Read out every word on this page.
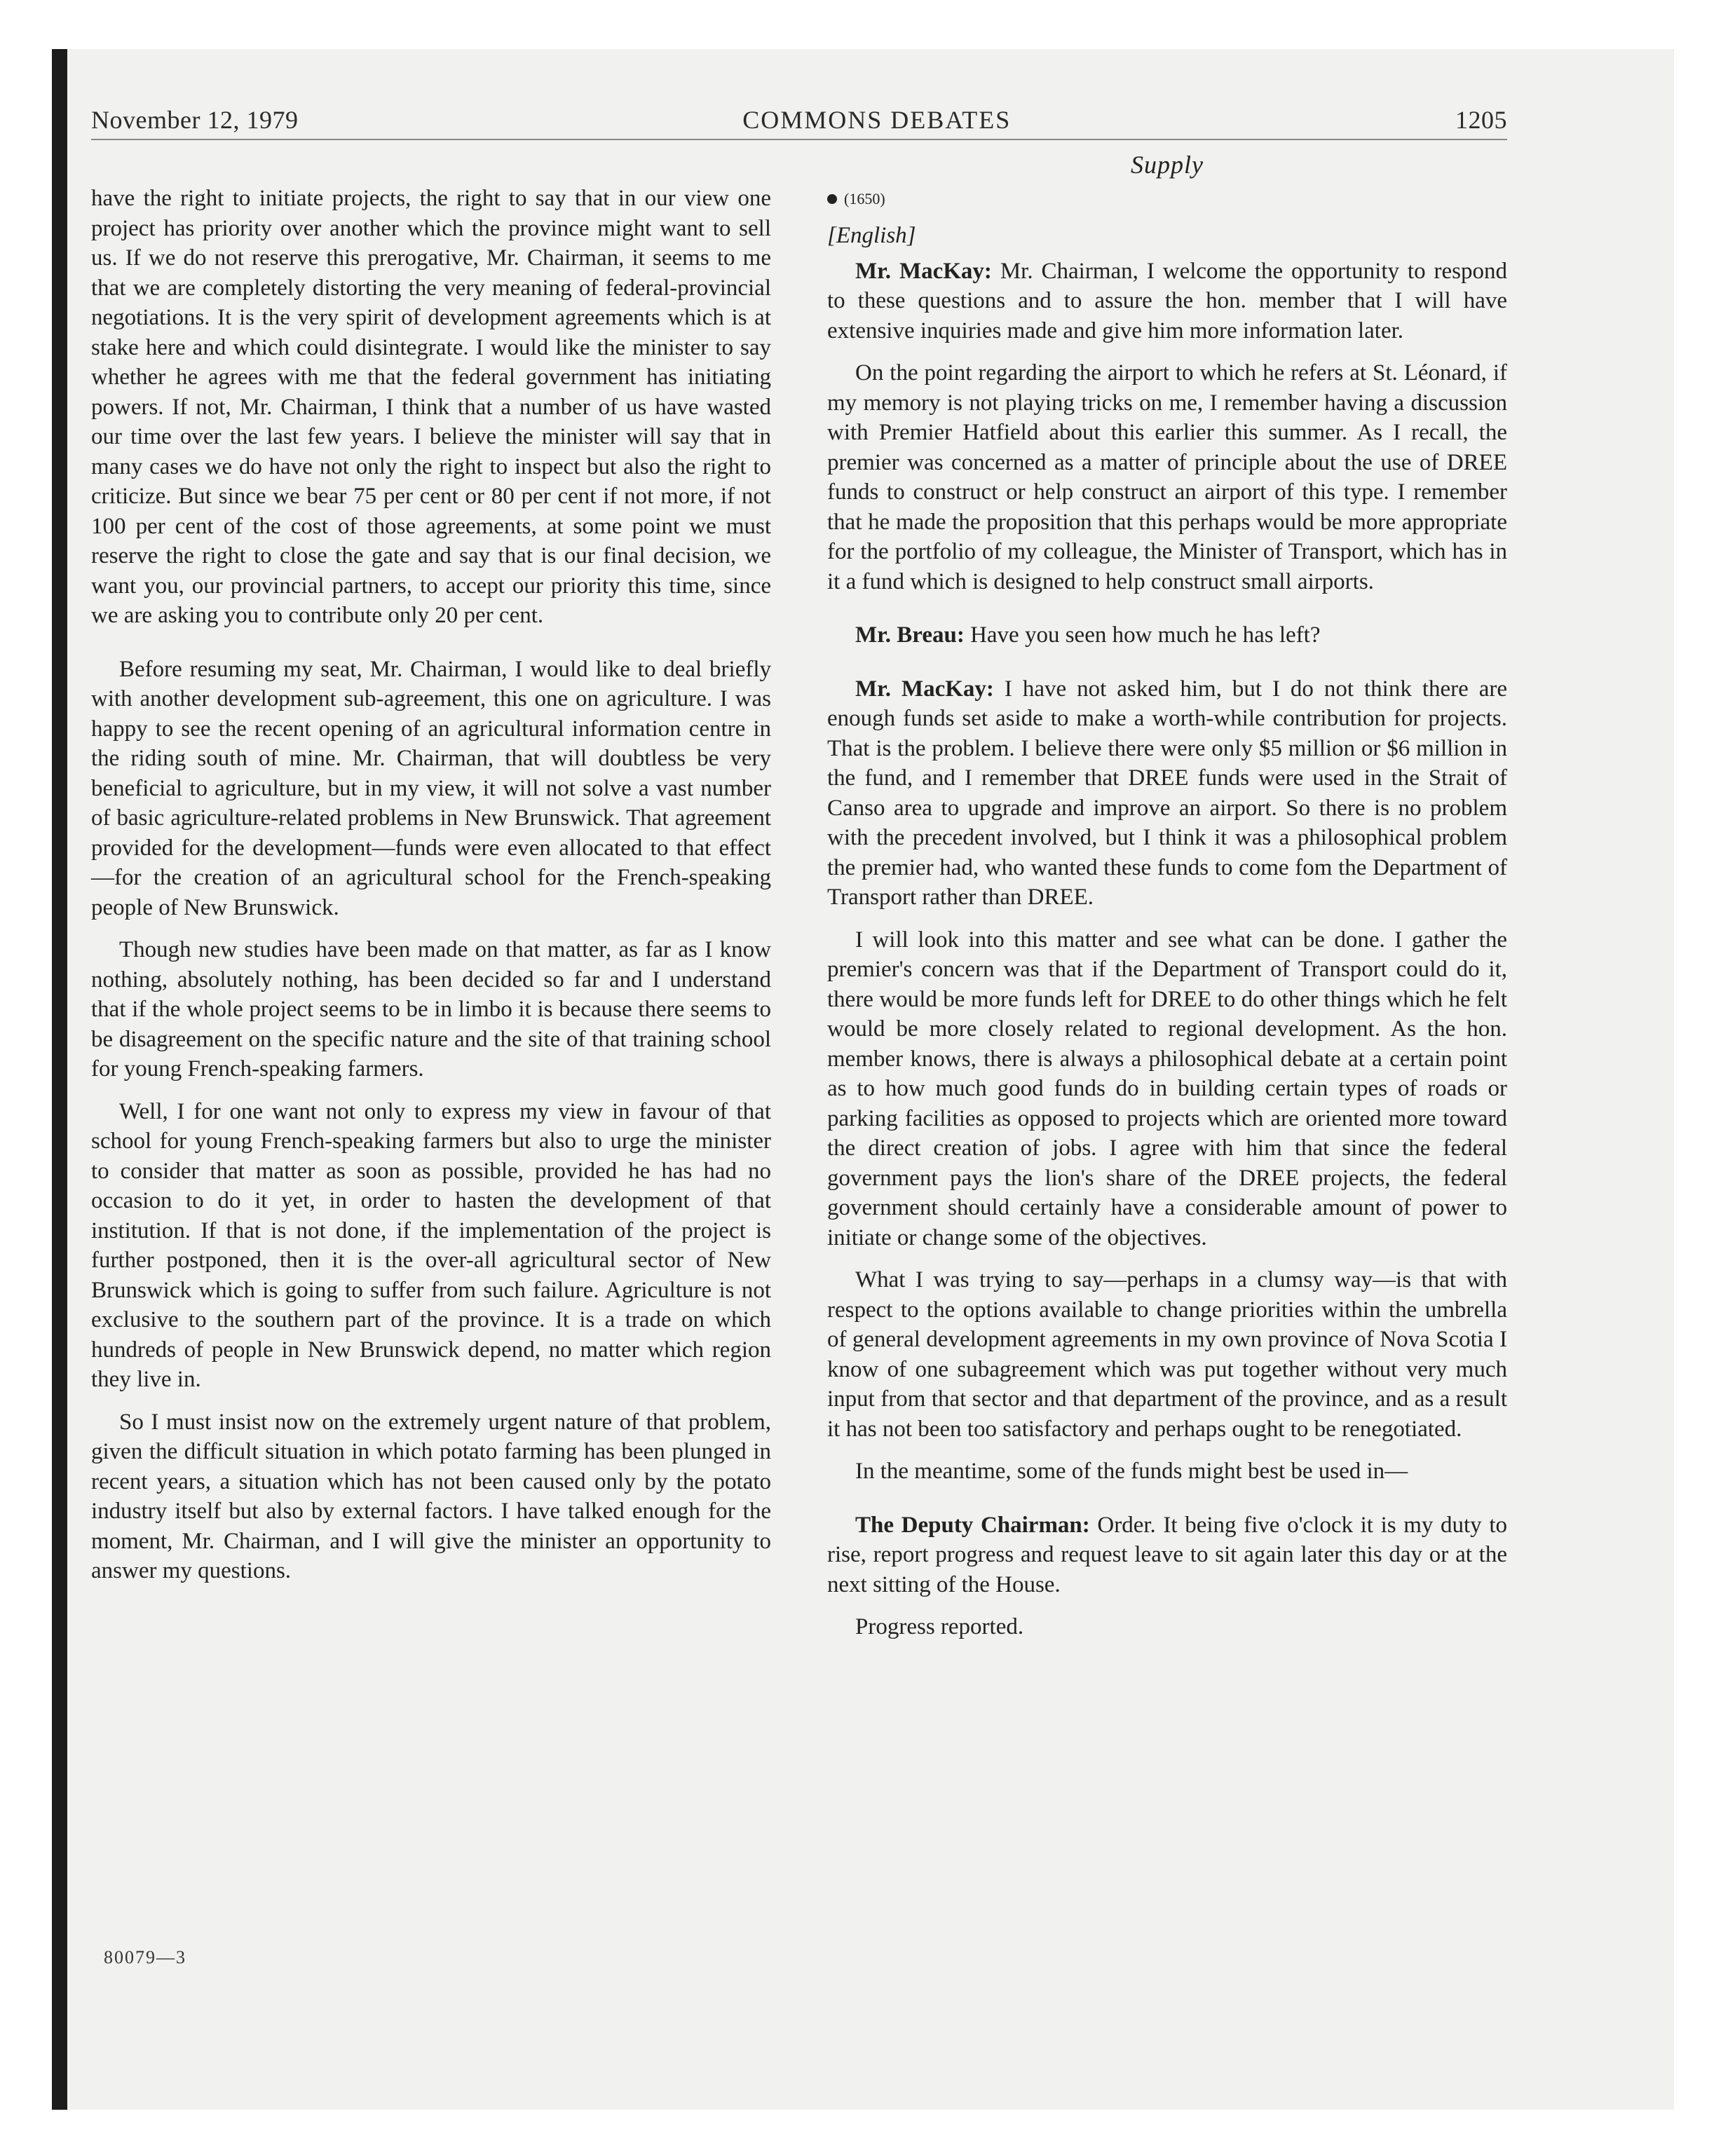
November 12, 1979	COMMONS DEBATES	1205

have the right to initiate projects, the right to say that in our view one project has priority over another which the province might want to sell us. If we do not reserve this prerogative, Mr. Chairman, it seems to me that we are completely distorting the very meaning of federal-provincial negotiations. It is the very spirit of development agreements which is at stake here and which could disintegrate. I would like the minister to say whether he agrees with me that the federal government has initiating powers. If not, Mr. Chairman, I think that a number of us have wasted our time over the last few years. I believe the minister will say that in many cases we do have not only the right to inspect but also the right to criticize. But since we bear 75 per cent or 80 per cent if not more, if not 100 per cent of the cost of those agreements, at some point we must reserve the right to close the gate and say that is our final decision, we want you, our provincial partners, to accept our priority this time, since we are asking you to contribute only 20 per cent.

Before resuming my seat, Mr. Chairman, I would like to deal briefly with another development sub-agreement, this one on agriculture. I was happy to see the recent opening of an agricultural information centre in the riding south of mine. Mr. Chairman, that will doubtless be very beneficial to agriculture, but in my view, it will not solve a vast number of basic agriculture-related problems in New Brunswick. That agreement provided for the development—funds were even allocated to that effect—for the creation of an agricultural school for the French-speaking people of New Brunswick.

Though new studies have been made on that matter, as far as I know nothing, absolutely nothing, has been decided so far and I understand that if the whole project seems to be in limbo it is because there seems to be disagreement on the specific nature and the site of that training school for young French-speaking farmers.

Well, I for one want not only to express my view in favour of that school for young French-speaking farmers but also to urge the minister to consider that matter as soon as possible, provided he has had no occasion to do it yet, in order to hasten the development of that institution. If that is not done, if the implementation of the project is further postponed, then it is the over-all agricultural sector of New Brunswick which is going to suffer from such failure. Agriculture is not exclusive to the southern part of the province. It is a trade on which hundreds of people in New Brunswick depend, no matter which region they live in.

So I must insist now on the extremely urgent nature of that problem, given the difficult situation in which potato farming has been plunged in recent years, a situation which has not been caused only by the potato industry itself but also by external factors. I have talked enough for the moment, Mr. Chairman, and I will give the minister an opportunity to answer my questions.

Supply
(1650)
[English]

Mr. MacKay: Mr. Chairman, I welcome the opportunity to respond to these questions and to assure the hon. member that I will have extensive inquiries made and give him more information later.

On the point regarding the airport to which he refers at St. Léonard, if my memory is not playing tricks on me, I remember having a discussion with Premier Hatfield about this earlier this summer. As I recall, the premier was concerned as a matter of principle about the use of DREE funds to construct or help construct an airport of this type. I remember that he made the proposition that this perhaps would be more appropriate for the portfolio of my colleague, the Minister of Transport, which has in it a fund which is designed to help construct small airports.

Mr. Breau: Have you seen how much he has left?

Mr. MacKay: I have not asked him, but I do not think there are enough funds set aside to make a worth-while contribution for projects. That is the problem. I believe there were only $5 million or $6 million in the fund, and I remember that DREE funds were used in the Strait of Canso area to upgrade and improve an airport. So there is no problem with the precedent involved, but I think it was a philosophical problem the premier had, who wanted these funds to come fom the Department of Transport rather than DREE.

I will look into this matter and see what can be done. I gather the premier's concern was that if the Department of Transport could do it, there would be more funds left for DREE to do other things which he felt would be more closely related to regional development. As the hon. member knows, there is always a philosophical debate at a certain point as to how much good funds do in building certain types of roads or parking facilities as opposed to projects which are oriented more toward the direct creation of jobs. I agree with him that since the federal government pays the lion's share of the DREE projects, the federal government should certainly have a considerable amount of power to initiate or change some of the objectives.

What I was trying to say—perhaps in a clumsy way—is that with respect to the options available to change priorities within the umbrella of general development agreements in my own province of Nova Scotia I know of one subagreement which was put together without very much input from that sector and that department of the province, and as a result it has not been too satisfactory and perhaps ought to be renegotiated.

In the meantime, some of the funds might best be used in—

The Deputy Chairman: Order. It being five o'clock it is my duty to rise, report progress and request leave to sit again later this day or at the next sitting of the House.

Progress reported.

80079—3
